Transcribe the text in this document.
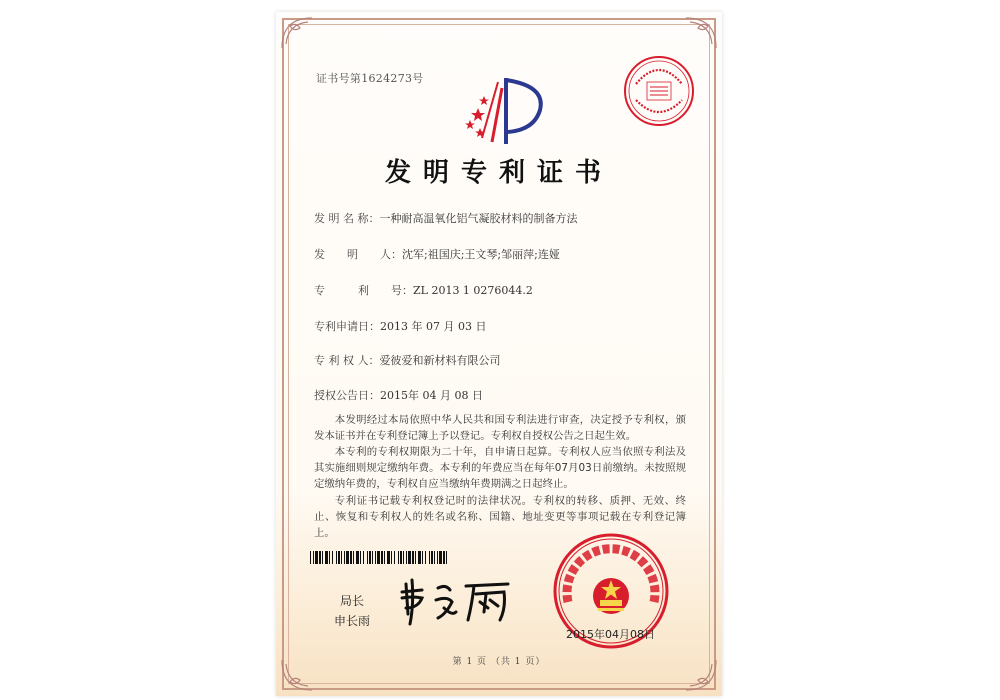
证书号第1624273号
发明专利证书
发 明 名 称：一种耐高温氧化铝气凝胶材料的制备方法
发　　明　　人：沈军;祖国庆;王文琴;邹丽萍;连娅
专　　　利　　号：ZL 2013 1 0276044.2
专利申请日：2013 年 07 月 03 日
专 利 权 人：爱彼爱和新材料有限公司
授权公告日：2015年 04 月 08 日
本发明经过本局依照中华人民共和国专利法进行审查，决定授予专利权，颁发本证书并在专利登记簿上予以登记。专利权自授权公告之日起生效。
本专利的专利权期限为二十年，自申请日起算。专利权人应当依照专利法及其实施细则规定缴纳年费。本专利的年费应当在每年07月03日前缴纳。未按照规定缴纳年费的，专利权自应当缴纳年费期满之日起终止。
专利证书记载专利权登记时的法律状况。专利权的转移、质押、无效、终止、恢复和专利权人的姓名或名称、国籍、地址变更等事项记载在专利登记簿上。
局长
申长雨
2015年04月08日
第 1 页 （共 1 页）
